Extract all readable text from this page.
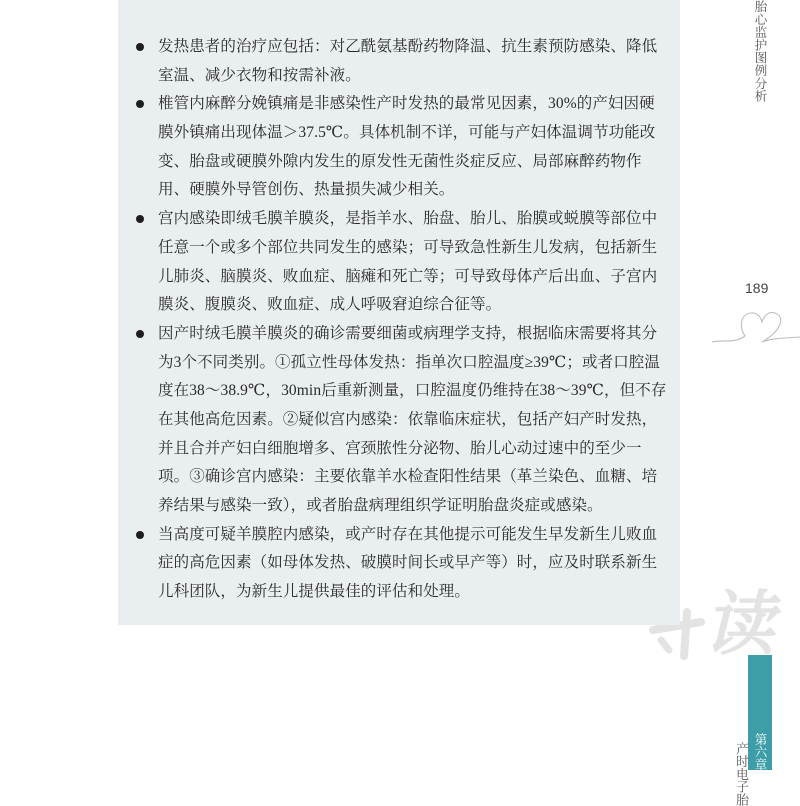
读
发热患者的治疗应包括：对乙酰氨基酚药物降温、抗生素预防感染、降低
室温、减少衣物和按需补液。
椎管内麻醉分娩镇痛是非感染性产时发热的最常见因素，30%的产妇因硬
膜外镇痛出现体温＞37.5℃。具体机制不详，可能与产妇体温调节功能改
变、胎盘或硬膜外隙内发生的原发性无菌性炎症反应、局部麻醉药物作
用、硬膜外导管创伤、热量损失减少相关。
宫内感染即绒毛膜羊膜炎，是指羊水、胎盘、胎儿、胎膜或蜕膜等部位中
任意一个或多个部位共同发生的感染；可导致急性新生儿发病，包括新生
儿肺炎、脑膜炎、败血症、脑瘫和死亡等；可导致母体产后出血、子宫内
膜炎、腹膜炎、败血症、成人呼吸窘迫综合征等。
因产时绒毛膜羊膜炎的确诊需要细菌或病理学支持，根据临床需要将其分
为3个不同类别。①孤立性母体发热：指单次口腔温度≥39℃；或者口腔温
度在38～38.9℃，30min后重新测量，口腔温度仍维持在38～39℃，但不存
在其他高危因素。②疑似宫内感染：依靠临床症状，包括产妇产时发热，
并且合并产妇白细胞增多、宫颈脓性分泌物、胎儿心动过速中的至少一
项。③确诊宫内感染：主要依靠羊水检查阳性结果（革兰染色、血糖、培
养结果与感染一致），或者胎盘病理组织学证明胎盘炎症或感染。
当高度可疑羊膜腔内感染，或产时存在其他提示可能发生早发新生儿败血
症的高危因素（如母体发热、破膜时间长或早产等）时，应及时联系新生
儿科团队，为新生儿提供最佳的评估和处理。
胎心监护图例分析
189
第六章
产时电子胎
